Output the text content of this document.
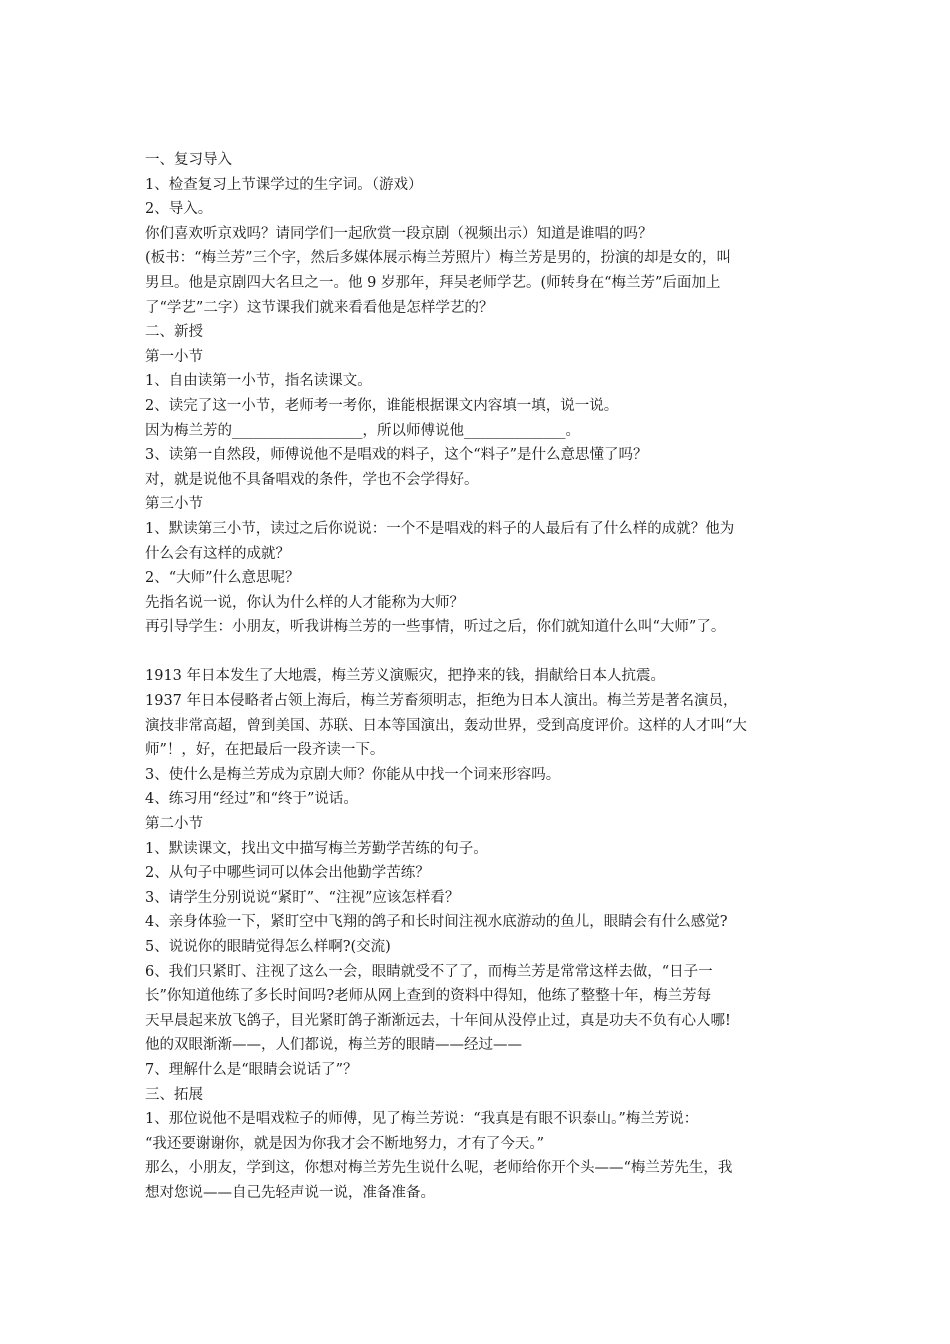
一、复习导入
1、检查复习上节课学过的生字词。（游戏）
2、导入。
你们喜欢听京戏吗？请同学们一起欣赏一段京剧（视频出示）知道是谁唱的吗？
(板书：“梅兰芳”三个字，然后多媒体展示梅兰芳照片）梅兰芳是男的，扮演的却是女的，叫
男旦。他是京剧四大名旦之一。他 9 岁那年，拜吴老师学艺。(师转身在“梅兰芳”后面加上
了“学艺”二字）这节课我们就来看看他是怎样学艺的？
二、新授
第一小节
1、自由读第一小节，指名读课文。
2、读完了这一小节，老师考一考你，谁能根据课文内容填一填，说一说。
因为梅兰芳的__________________，所以师傅说他______________。
3、读第一自然段，师傅说他不是唱戏的料子，这个“料子”是什么意思懂了吗？
对，就是说他不具备唱戏的条件，学也不会学得好。
第三小节
1、默读第三小节，读过之后你说说：一个不是唱戏的料子的人最后有了什么样的成就？他为
什么会有这样的成就？
2、“大师”什么意思呢？
先指名说一说，你认为什么样的人才能称为大师？
再引导学生：小朋友，听我讲梅兰芳的一些事情，听过之后，你们就知道什么叫“大师”了。
1913 年日本发生了大地震，梅兰芳义演赈灾，把挣来的钱，捐献给日本人抗震。
1937 年日本侵略者占领上海后，梅兰芳畜须明志，拒绝为日本人演出。梅兰芳是著名演员，
演技非常高超，曾到美国、苏联、日本等国演出，轰动世界，受到高度评价。这样的人才叫“大
师”！，好，在把最后一段齐读一下。
3、使什么是梅兰芳成为京剧大师？你能从中找一个词来形容吗。
4、练习用“经过”和“终于”说话。
第二小节
1、默读课文，找出文中描写梅兰芳勤学苦练的句子。
2、从句子中哪些词可以体会出他勤学苦练？
3、请学生分别说说“紧盯”、“注视”应该怎样看？
4、亲身体验一下，紧盯空中飞翔的鸽子和长时间注视水底游动的鱼儿，眼睛会有什么感觉?
5、说说你的眼睛觉得怎么样啊?(交流)
6、我们只紧盯、注视了这么一会，眼睛就受不了了，而梅兰芳是常常这样去做，“日子一
长”你知道他练了多长时间吗?老师从网上查到的资料中得知，他练了整整十年，梅兰芳每
天早晨起来放飞鸽子，目光紧盯鸽子渐渐远去，十年间从没停止过，真是功夫不负有心人哪!
他的双眼渐渐——，人们都说，梅兰芳的眼睛——经过——
7、理解什么是“眼睛会说话了”？
三、拓展
1、那位说他不是唱戏粒子的师傅，见了梅兰芳说：“我真是有眼不识泰山。”梅兰芳说：
“我还要谢谢你，就是因为你我才会不断地努力，才有了今天。”
那么，小朋友，学到这，你想对梅兰芳先生说什么呢，老师给你开个头——“梅兰芳先生，我
想对您说——自己先轻声说一说，准备准备。
